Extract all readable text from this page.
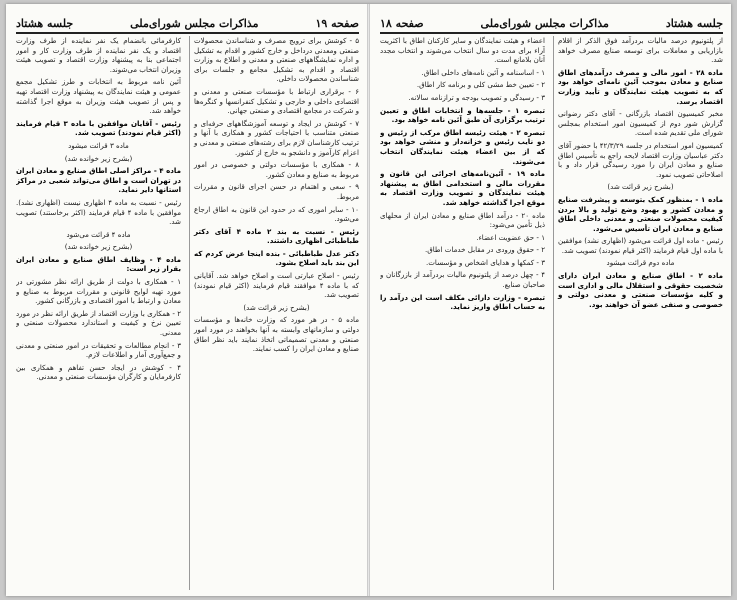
صفحه ۱۹
مذاکرات مجلس شورای‌ملی
جلسه هشتاد

۵ - کوشش برای ترویج مصرف و شناساندن محصولات صنعتی ومعدنی درداخل و خارج کشور و اقدام به تشکیل و اداره نمایشگاههای صنعتی و معدنی و اطلاع به وزارت اقتصاد و اقدام به تشکیل مجامع و جلسات برای شناساندن محصولات داخلی.

۶ - برقراری ارتباط با مؤسسات صنعتی و معدنی و اقتصادی داخلی و خارجی و تشکیل کنفرانسها و کنگره‌ها و شرکت در مجامع اقتصادی و صنعتی جهانی.

۷ - کوشش در ایجاد و توسعه آموزشگاههای حرفه‌ای و صنعتی متناسب با احتیاجات کشور و همکاری با آنها و ترتیب کارشناسان لازم برای رشته‌های صنعتی و معدنی و اعزام کارآموز و دانشجو به خارج از کشور.

۸ - همکاری با مؤسسات دولتی و خصوصی در امور مربوط به صنایع و معادن کشور.

۹ - سعی و اهتمام در حسن اجرای قانون و مقررات مربوط.

۱۰ - سایر اموری که در حدود این قانون به اطاق ارجاع می‌شود.

رئیس - نسبت به بند ۲ ماده ۴ آقای دکتر طباطبائی اظهاری داشتند.

دکتر عدل طباطبائی - بنده اینجا عرض کردم که این بند باید اصلاح بشود.

رئیس - اصلاح عبارتی است و اصلاح خواهد شد. آقایانی که با ماده ۴ موافقند قیام فرمایند (اکثر قیام نمودند) تصویب شد.

(بشرح زیر قرائت شد)

ماده ۵ - در هر مورد که وزارت خانه‌ها و مؤسسات دولتی و سازمانهای وابسته به آنها بخواهند در مورد امور صنعتی و معدنی تصمیماتی اتخاذ نمایند باید نظر اطاق صنایع و معادن ایران را کسب نمایند.

کارفرمائی بانضمام یک نفر نماینده از طرف وزارت اقتصاد و یک نفر نماینده از طرف وزارت کار و امور اجتماعی بنا به پیشنهاد وزارت اقتصاد و تصویب هیئت وزیران انتخاب می‌شوند.

آئین نامه مربوط به انتخابات و طرز تشکیل مجمع عمومی و هیئت نمایندگان به پیشنهاد وزارت اقتصاد تهیه و پس از تصویب هیئت وزیران به موقع اجرا گذاشته خواهد شد.

رئیس - آقایان موافقین با ماده ۳ قیام فرمایند (اکثر قیام نمودند) تصویب شد.

ماده ۳ قرائت میشود

(بشرح زیر خوانده شد)

ماده ۴ - مراکز اصلی اطاق صنایع و معادن ایران در تهران است و اطاق می‌تواند شعبی در مراکز استانها دایر نماید.

رئیس - نسبت به ماده ۴ اظهاری نیست (اظهاری نشد). موافقین با ماده ۴ قیام فرمایند (اکثر برخاستند) تصویب شد.

ماده ۴ قرائت می‌شود

(بشرح زیر خوانده شد)

ماده ۴ - وظایف اطاق صنایع و معادن ایران بقرار زیر است:

۱ - همکاری با دولت از طریق ارائه نظر مشورتی در مورد تهیه لوایح قانونی و مقررات مربوط به صنایع و معادن و ارتباط با امور اقتصادی و بازرگانی کشور.

۲ - همکاری با وزارت اقتصاد از طریق ارائه نظر در مورد تعیین نرخ و کیفیت و استاندارد محصولات صنعتی و معدنی.

۳ - انجام مطالعات و تحقیقات در امور صنعتی و معدنی و جمع‌آوری آمار و اطلاعات لازم.

۴ - کوشش در ایجاد حسن تفاهم و همکاری بین کارفرمایان و کارگران مؤسسات صنعتی و معدنی.

جلسه هشتاد
مذاکرات مجلس شورای‌ملی
صفحه ۱۸

از پلتونیوم درصد مالیات بردرآمد فوق الذکر از اقلام بازاریابی و معاملات برای توسعه صنایع مصرف خواهد شد.

ماده ۲۸ - امور مالی و مصرف درآمدهای اطاق صنایع و معادن بموجب آئین نامه‌ای خواهد بود که به تصویب هیئت نمایندگان و تأیید وزارت اقتصاد برسد.

مخبر کمیسیون اقتصاد بازرگانی - آقای دکتر رضوانی گزارش شور دوم از کمیسیون امور استخدام بمجلس شورای ملی تقدیم شده است.

کمیسیون امور استخدام در جلسه ۴۲/۳/۲۹ با حضور آقای دکتر عباسیان وزارت اقتصاد لایحه راجع به تأسیس اطاق صنایع و معادن ایران را مورد رسیدگی قرار داد و با اصلاحاتی تصویب نمود.

(بشرح زیر قرائت شد)

ماده ۱ - بمنظور کمک بتوسعه و پیشرفت صنایع و معادن کشور و بهبود وضع تولید و بالا بردن کیفیت محصولات صنعتی و معدنی داخلی اطاق صنایع و معادن ایران تأسیس می‌شود.

رئیس - ماده اول قرائت می‌شود (اظهاری نشد) موافقین با ماده اول قیام فرمایند (اکثر قیام نمودند) تصویب شد.

ماده دوم قرائت میشود

ماده ۲ - اطاق صنایع و معادن ایران دارای شخصیت حقوقی و استقلال مالی و اداری است و کلیه مؤسسات صنعتی و معدنی دولتی و خصوصی و صنفی عضو آن خواهند بود.

اعضاء و هیئت نمایندگان و سایر کارکنان اطاق با اکثریت آراء برای مدت دو سال انتخاب می‌شوند و انتخاب مجدد آنان بلامانع است.

۱ - اساسنامه و آئین نامه‌های داخلی اطاق.

۲ - تعیین خط مشی کلی و برنامه کار اطاق.

۳ - رسیدگی و تصویب بودجه و ترازنامه سالانه.

تبصره ۱ - جلسه‌ها و انتخابات اطاق و تعیین ترتیب برگزاری آن طبق آئین نامه خواهد بود.

تبصره ۲ - هیئت رئیسه اطاق مرکب از رئیس و دو نایب رئیس و خزانه‌دار و منشی خواهد بود که از بین اعضاء هیئت نمایندگان انتخاب می‌شوند.

ماده ۱۹ - آئین‌نامه‌های اجرائی این قانون و مقررات مالی و استخدامی اطاق به پیشنهاد هیئت نمایندگان و تصویب وزارت اقتصاد به موقع اجرا گذاشته خواهد شد.

ماده ۲۰ - درآمد اطاق صنایع و معادن ایران از محلهای ذیل تأمین می‌شود:

۱ - حق عضویت اعضاء.

۲ - حقوق ورودی در مقابل خدمات اطاق.

۳ - کمکها و هدایای اشخاص و مؤسسات.

۴ - چهل درصد از پلتونیوم مالیات بردرآمد از بازرگانان و صاحبان صنایع.

تبصره - وزارت دارائی مکلف است این درآمد را به حساب اطاق واریز نماید.
